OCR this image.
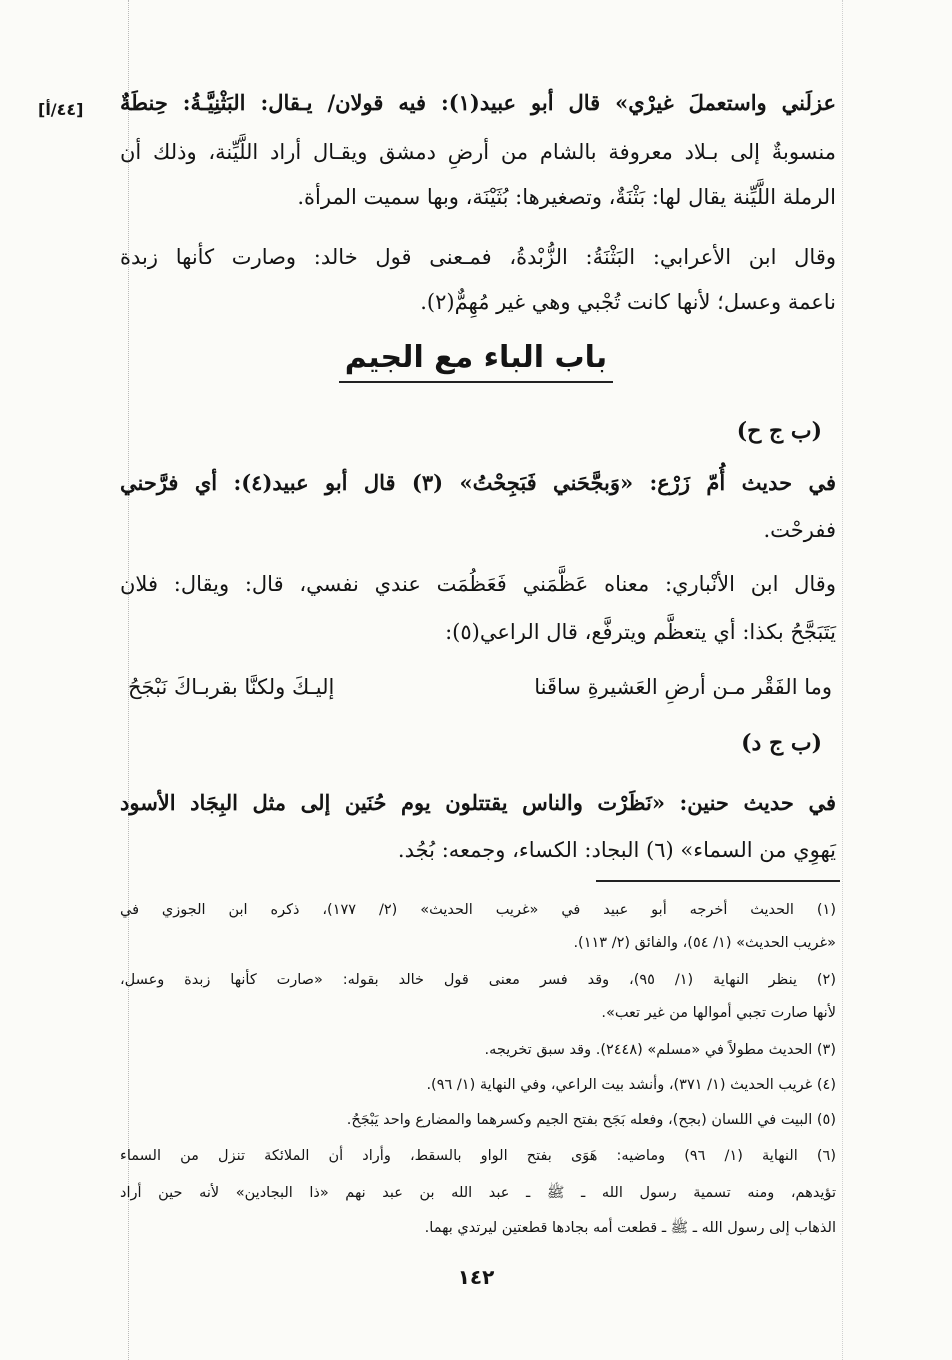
[٤٤/أ]	عزلَني واستعملَ غيرْي» قال أبو عبيد(١): فيه قولان/ يـقال: البَثْنِيَّـةُ: حِنطَةٌ
منسوبةٌ إلى بـلاد معروفة بالشام من أرضِ دمشق ويقـال أراد اللَّيِّنة، وذلك أن
الرملة اللَّيِّنة يقال لها: بَثْنَةٌ، وتصغيرها: بُثَيْنَة، وبها سميت المرأة.
وقال ابن الأعرابي: البَثْنَةُ: الزُّبْدةُ، فمـعنى قول خالد: وصارت كأنها زبدة
ناعمة وعسل؛ لأنها كانت تُجْبي وهي غير مُهِمٌّ(٢).
باب الباء مع الجيم
(ب ج ح)
في حديث أُمّ زَرْع: «وَبجَّحَني فَبَجِحْتُ» (٣) قال أبو عبيد(٤): أي فرَّحني
ففرحْت.
وقال ابن الأنْباري: معناه عَظَّمَني فَعَظُمَت عندي نفسي، قال: ويقال: فلان
يَتَبَجَّحُ بكذا: أي يتعظَّم ويترفَّع، قال الراعي(٥):
وما الفَقْر مـن أرضِ العَشيرةِ ساقَنا
إليـكَ ولكنَّا بقربـاكَ نَبْجَحُ
(ب ج د)
في حديث حنين: «نَظَرْت والناس يقتتلون يوم حُنَين إلى مثل البِجَاد الأسود
يَهوِي من السماء» (٦) البجاد: الكساء، وجمعه: بُجُد.
(١) الحديث أخرجه أبو عبيد في «غريب الحديث» (٢/ ١٧٧)، ذكره ابن الجوزي في
«غريب الحديث» (١/ ٥٤)، والفائق (٢/ ١١٣).
(٢) ينظر النهاية (١/ ٩٥)، وقد فسر معنى قول خالد بقوله: «صارت كأنها زبدة وعسل،
لأنها صارت تجبي أموالها من غير تعب».
(٣) الحديث مطولاً في «مسلم» (٢٤٤٨). وقد سبق تخريجه.
(٤) غريب الحديث (١/ ٣٧١)، وأنشد بيت الراعي، وفي النهاية (١/ ٩٦).
(٥) البيت في اللسان (بجح)، وفعله بَجَح بفتح الجيم وكسرهما والمضارع واحد يَبْجَحُ.
(٦) النهاية (١/ ٩٦) وماضيه: هَوَى بفتح الواو بالسقط، وأراد أن الملائكة تنزل من السماء
تؤيدهم، ومنه تسمية رسول الله ـ ﷺ ـ عبد الله بن عبد نهم «ذا البجادين» لأنه حين أراد
الذهاب إلى رسول الله ـ ﷺ ـ قطعت أمه بجادها قطعتين ليرتدي بهما.
١٤٢
